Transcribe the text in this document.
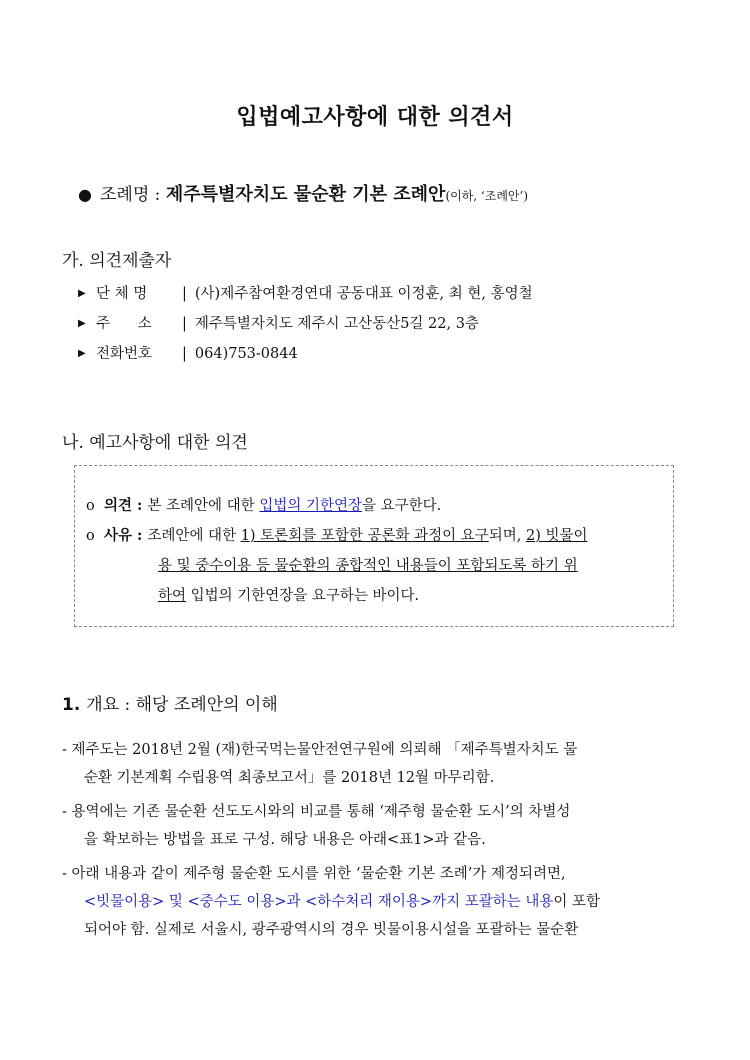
입법예고사항에 대한 의견서
● 조례명 : 제주특별자치도 물순환 기본 조례안(이하, ‘조례안’)
가. 의견제출자
▶ 단 체 명 | (사)제주참여환경연대 공동대표 이정훈, 최 현, 홍영철
▶ 주      소 | 제주특별자치도 제주시 고산동산5길 22, 3층
▶ 전화번호 | 064)753-0844
나. 예고사항에 대한 의견
o 의견 : 본 조례안에 대한 입법의 기한연장을 요구한다.
o 사유 : 조례안에 대한 1) 토론회를 포함한 공론화 과정이 요구되며, 2) 빗물이
용 및 중수이용 등 물순환의 종합적인 내용들이 포함되도록 하기 위
하여 입법의 기한연장을 요구하는 바이다.
1. 개요 : 해당 조례안의 이해
- 제주도는 2018년 2월 (재)한국먹는물안전연구원에 의뢰해 「제주특별자치도 물
순환 기본계획 수립용역 최종보고서」를 2018년 12월 마무리함.
- 용역에는 기존 물순환 선도도시와의 비교를 통해 ‘제주형 물순환 도시’의 차별성
을 확보하는 방법을 표로 구성. 해당 내용은 아래<표1>과 같음.
- 아래 내용과 같이 제주형 물순환 도시를 위한 ‘물순환 기본 조례’가 제정되려면,
<빗물이용> 및 <중수도 이용>과 <하수처리 재이용>까지 포괄하는 내용이 포함
되어야 함. 실제로 서울시, 광주광역시의 경우 빗물이용시설을 포괄하는 물순환
